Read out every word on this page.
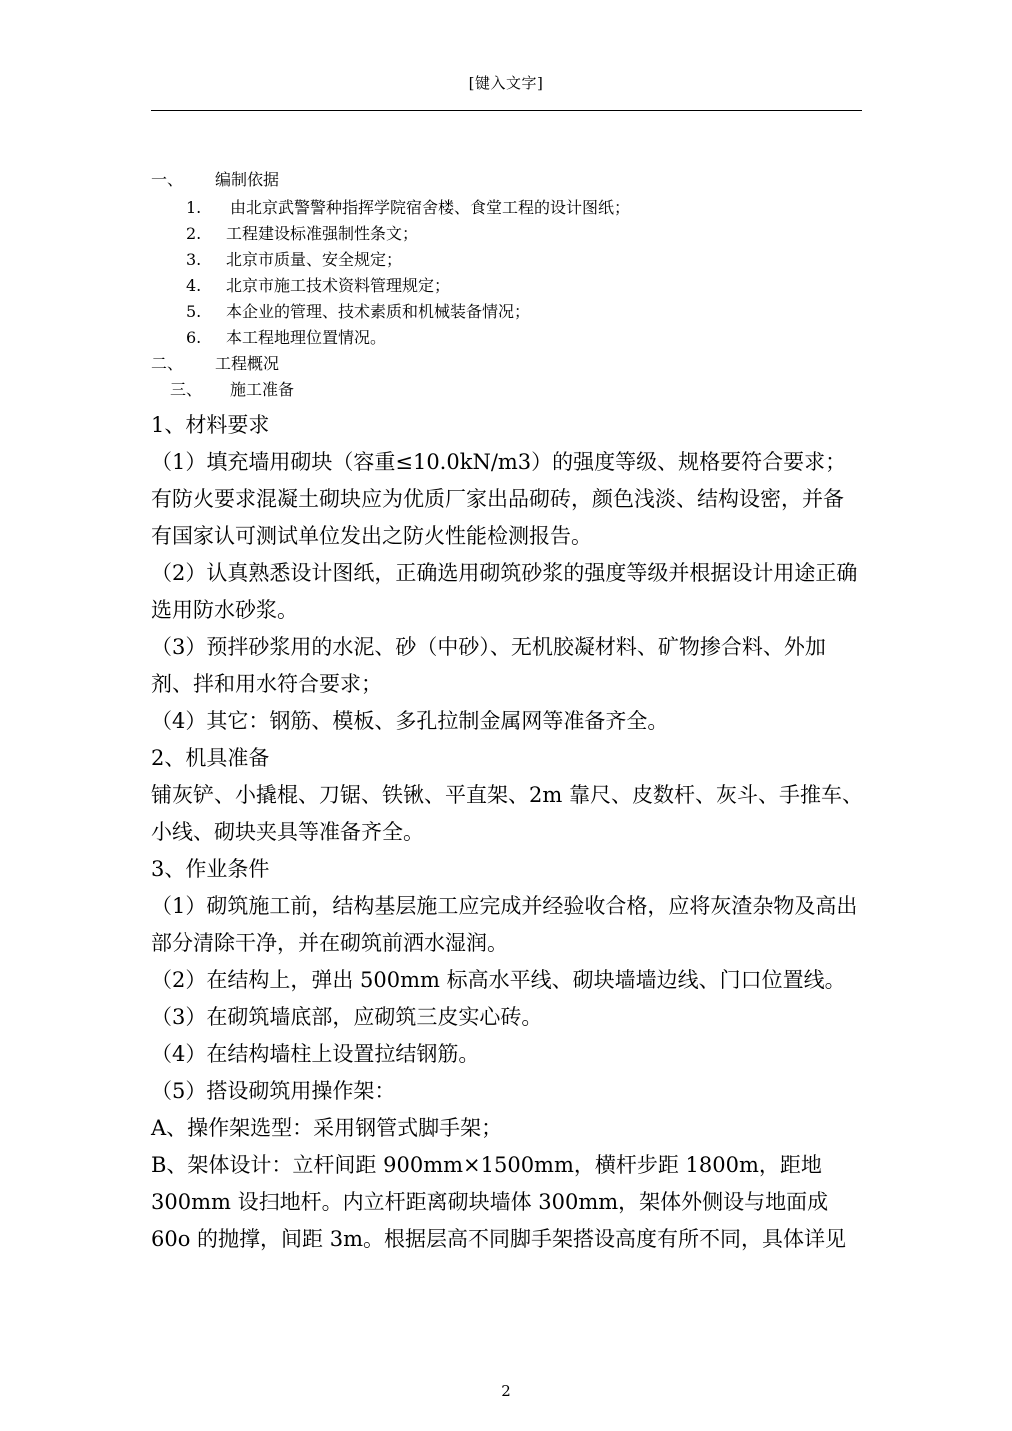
[键入文字]
一、 编制依据
1. 由北京武警警种指挥学院宿舍楼、食堂工程的设计图纸；
2. 工程建设标准强制性条文；
3. 北京市质量、安全规定；
4. 北京市施工技术资料管理规定；
5. 本企业的管理、技术素质和机械装备情况；
6. 本工程地理位置情况。
二、 工程概况
三、 施工准备

1、材料要求

（1）填充墙用砌块（容重≤10.0kN/m3）的强度等级、规格要符合要求；有防火要求混凝土砌块应为优质厂家出品砌砖，颜色浅淡、结构设密，并备有国家认可测试单位发出之防火性能检测报告。

（2）认真熟悉设计图纸，正确选用砌筑砂浆的强度等级并根据设计用途正确选用防水砂浆。

（3）预拌砂浆用的水泥、砂（中砂）、无机胶凝材料、矿物掺合料、外加剂、拌和用水符合要求；

（4）其它：钢筋、模板、多孔拉制金属网等准备齐全。

2、机具准备

铺灰铲、小撬棍、刀锯、铁锹、平直架、2m 靠尺、皮数杆、灰斗、手推车、小线、砌块夹具等准备齐全。

3、作业条件

（1）砌筑施工前，结构基层施工应完成并经验收合格，应将灰渣杂物及高出部分清除干净，并在砌筑前洒水湿润。

（2）在结构上，弹出 500mm 标高水平线、砌块墙墙边线、门口位置线。

（3）在砌筑墙底部，应砌筑三皮实心砖。

（4）在结构墙柱上设置拉结钢筋。

（5）搭设砌筑用操作架：

A、操作架选型：采用钢管式脚手架；

B、架体设计：立杆间距 900mm×1500mm，横杆步距 1800m，距地 300mm 设扫地杆。内立杆距离砌块墙体 300mm，架体外侧设与地面成 60o 的抛撑，间距 3m。根据层高不同脚手架搭设高度有所不同，具体详见

2
